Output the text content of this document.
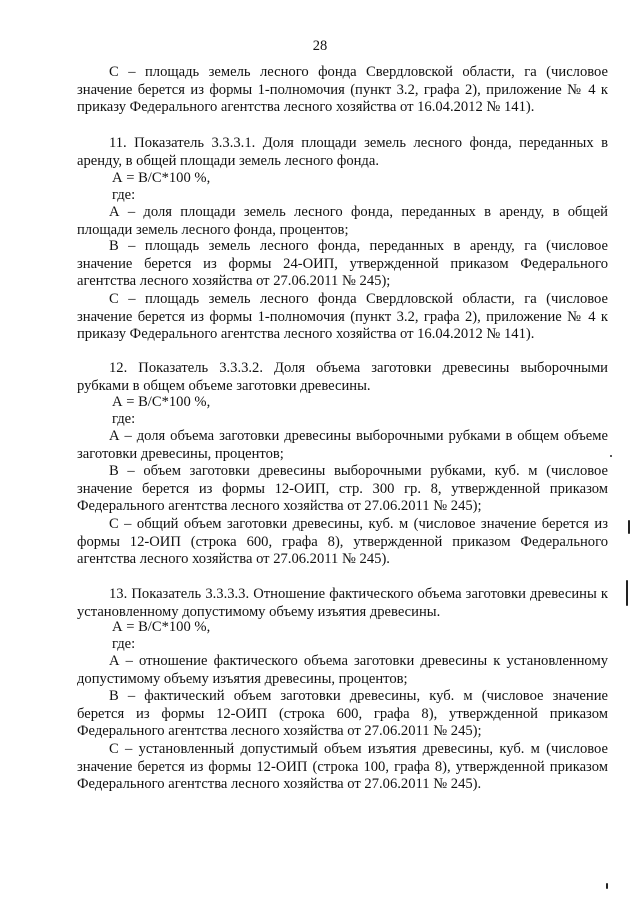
28
С – площадь земель лесного фонда Свердловской области, га (числовое значение берется из формы 1-полномочия (пункт 3.2, графа 2), приложение № 4 к приказу Федерального агентства лесного хозяйства от 16.04.2012 № 141).
11. Показатель 3.3.3.1. Доля площади земель лесного фонда, переданных в аренду, в общей площади земель лесного фонда.
А = В/С*100 %,
где:
А – доля площади земель лесного фонда, переданных в аренду, в общей площади земель лесного фонда, процентов;
В – площадь земель лесного фонда, переданных в аренду, га (числовое значение берется из формы 24-ОИП, утвержденной приказом Федерального агентства лесного хозяйства от 27.06.2011 № 245);
С – площадь земель лесного фонда Свердловской области, га (числовое значение берется из формы 1-полномочия (пункт 3.2, графа 2), приложение № 4 к приказу Федерального агентства лесного хозяйства от 16.04.2012 № 141).
12. Показатель 3.3.3.2. Доля объема заготовки древесины выборочными рубками в общем объеме заготовки древесины.
А = В/С*100 %,
где:
А – доля объема заготовки древесины выборочными рубками в общем объеме заготовки древесины, процентов;
В – объем заготовки древесины выборочными рубками, куб. м (числовое значение берется из формы 12-ОИП, стр. 300 гр. 8, утвержденной приказом Федерального агентства лесного хозяйства от 27.06.2011 № 245);
С – общий объем заготовки древесины, куб. м (числовое значение берется из формы 12-ОИП (строка 600, графа 8), утвержденной приказом Федерального агентства лесного хозяйства от 27.06.2011 № 245).
13. Показатель 3.3.3.3. Отношение фактического объема заготовки древесины к установленному допустимому объему изъятия древесины.
А = В/С*100 %,
где:
А – отношение фактического объема заготовки древесины к установленному допустимому объему изъятия древесины, процентов;
В – фактический объем заготовки древесины, куб. м (числовое значение берется из формы 12-ОИП (строка 600, графа 8), утвержденной приказом Федерального агентства лесного хозяйства от 27.06.2011 № 245);
С – установленный допустимый объем изъятия древесины, куб. м (числовое значение берется из формы 12-ОИП (строка 100, графа 8), утвержденной приказом Федерального агентства лесного хозяйства от 27.06.2011 № 245).
